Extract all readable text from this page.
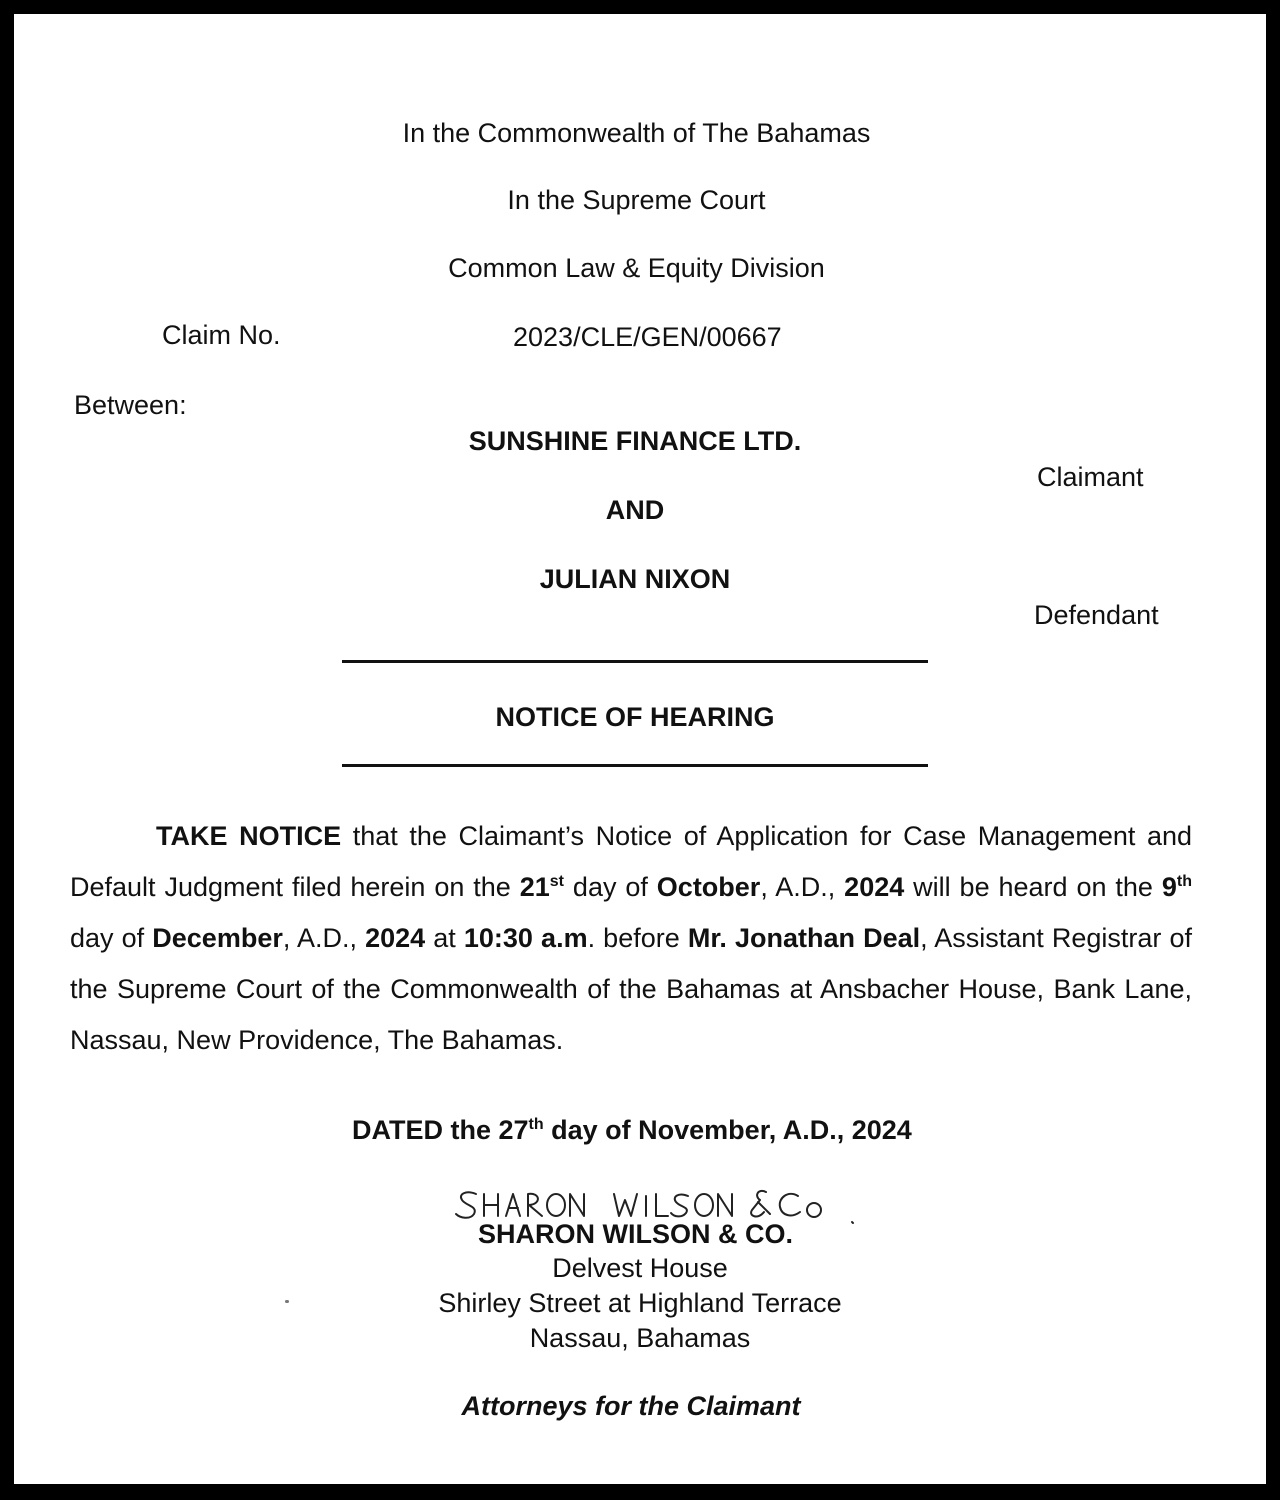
In the Commonwealth of The Bahamas
In the Supreme Court
Common Law & Equity Division
Claim No.	2023/CLE/GEN/00667
Between:
SUNSHINE FINANCE LTD.
Claimant
AND
JULIAN NIXON
Defendant
NOTICE OF HEARING
TAKE NOTICE that the Claimant’s Notice of Application for Case Management and Default Judgment filed herein on the 21st day of October, A.D., 2024 will be heard on the 9th day of December, A.D., 2024 at 10:30 a.m. before Mr. Jonathan Deal, Assistant Registrar of the Supreme Court of the Commonwealth of the Bahamas at Ansbacher House, Bank Lane, Nassau, New Providence, The Bahamas.
DATED the 27th day of November, A.D., 2024
SHARON WILSON & CO.
Delvest House
Shirley Street at Highland Terrace
Nassau, Bahamas
Attorneys for the Claimant
